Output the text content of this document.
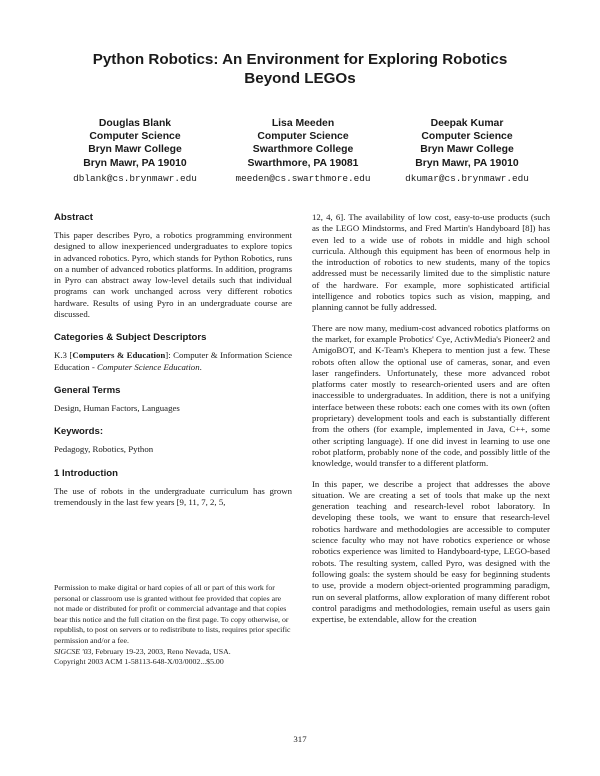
Python Robotics: An Environment for Exploring Robotics
Beyond LEGOs
Douglas Blank
Computer Science
Bryn Mawr College
Bryn Mawr, PA 19010
dblank@cs.brynmawr.edu
Lisa Meeden
Computer Science
Swarthmore College
Swarthmore, PA 19081
meeden@cs.swarthmore.edu
Deepak Kumar
Computer Science
Bryn Mawr College
Bryn Mawr, PA 19010
dkumar@cs.brynmawr.edu
Abstract

This paper describes Pyro, a robotics programming environment designed to allow inexperienced undergraduates to explore topics in advanced robotics. Pyro, which stands for Python Robotics, runs on a number of advanced robotics platforms. In addition, programs in Pyro can abstract away low-level details such that individual programs can work unchanged across very different robotics hardware. Results of using Pyro in an undergraduate course are discussed.

Categories & Subject Descriptors

K.3 [Computers & Education]: Computer & Information Science Education - Computer Science Education.

General Terms

Design, Human Factors, Languages

Keywords:

Pedagogy, Robotics, Python

1 Introduction

The use of robots in the undergraduate curriculum has grown tremendously in the last few years [9, 11, 7, 2, 5,

Permission to make digital or hard copies of all or part of this work for personal or classroom use is granted without fee provided that copies are not made or distributed for profit or commercial advantage and that copies bear this notice and the full citation on the first page. To copy otherwise, or republish, to post on servers or to redistribute to lists, requires prior specific permission and/or a fee.

SIGCSE '03, February 19-23, 2003, Reno Nevada, USA.

Copyright 2003 ACM 1-58113-648-X/03/0002...$5.00

12, 4, 6]. The availability of low cost, easy-to-use products (such as the LEGO Mindstorms, and Fred Martin's Handyboard [8]) has even led to a wide use of robots in middle and high school curricula. Although this equipment has been of enormous help in the introduction of robotics to new students, many of the topics addressed must be necessarily limited due to the simplistic nature of the hardware. For example, more sophisticated artificial intelligence and robotics topics such as vision, mapping, and planning cannot be fully addressed.

There are now many, medium-cost advanced robotics platforms on the market, for example Probotics' Cye, ActivMedia's Pioneer2 and AmigoBOT, and K-Team's Khepera to mention just a few. These robots often allow the optional use of cameras, sonar, and even laser rangefinders. Unfortunately, these more advanced robot platforms cater mostly to research-oriented users and are often inaccessible to undergraduates. In addition, there is not a unifying interface between these robots: each one comes with its own (often proprietary) development tools and each is substantially different from the others (for example, implemented in Java, C++, some other scripting language). If one did invest in learning to use one robot platform, probably none of the code, and possibly little of the knowledge, would transfer to a different platform.

In this paper, we describe a project that addresses the above situation. We are creating a set of tools that make up the next generation teaching and research-level robot laboratory. In developing these tools, we want to ensure that research-level robotics hardware and methodologies are accessible to computer science faculty who may not have robotics experience or whose robotics experience was limited to Handyboard-type, LEGO-based robots. The resulting system, called Pyro, was designed with the following goals: the system should be easy for beginning students to use, provide a modern object-oriented programming paradigm, run on several platforms, allow exploration of many different robot control paradigms and methodologies, remain useful as users gain expertise, be extendable, allow for the creation

317
